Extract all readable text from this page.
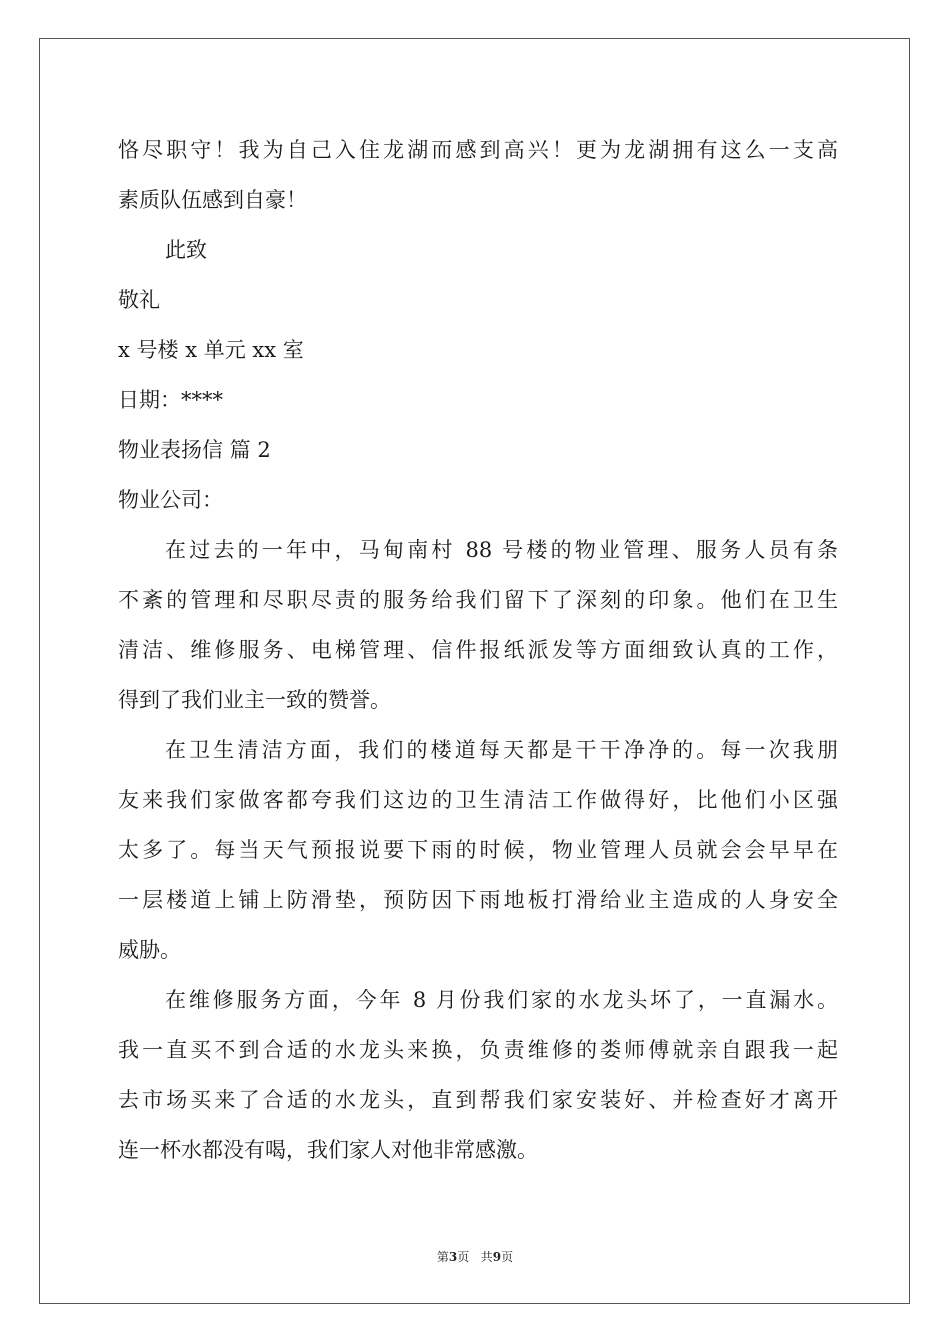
恪尽职守！我为自己入住龙湖而感到高兴！更为龙湖拥有这么一支高
素质队伍感到自豪！
此致
敬礼
x 号楼 x 单元 xx 室
日期：****
物业表扬信 篇 2
物业公司：
在过去的一年中，马甸南村 88 号楼的物业管理、服务人员有条
不紊的管理和尽职尽责的服务给我们留下了深刻的印象。他们在卫生
清洁、维修服务、电梯管理、信件报纸派发等方面细致认真的工作，
得到了我们业主一致的赞誉。
在卫生清洁方面，我们的楼道每天都是干干净净的。每一次我朋
友来我们家做客都夸我们这边的卫生清洁工作做得好，比他们小区强
太多了。每当天气预报说要下雨的时候，物业管理人员就会会早早在
一层楼道上铺上防滑垫，预防因下雨地板打滑给业主造成的人身安全
威胁。
在维修服务方面，今年 8 月份我们家的水龙头坏了，一直漏水。
我一直买不到合适的水龙头来换，负责维修的娄师傅就亲自跟我一起
去市场买来了合适的水龙头，直到帮我们家安装好、并检查好才离开
连一杯水都没有喝，我们家人对他非常感激。
第3页   共9页
